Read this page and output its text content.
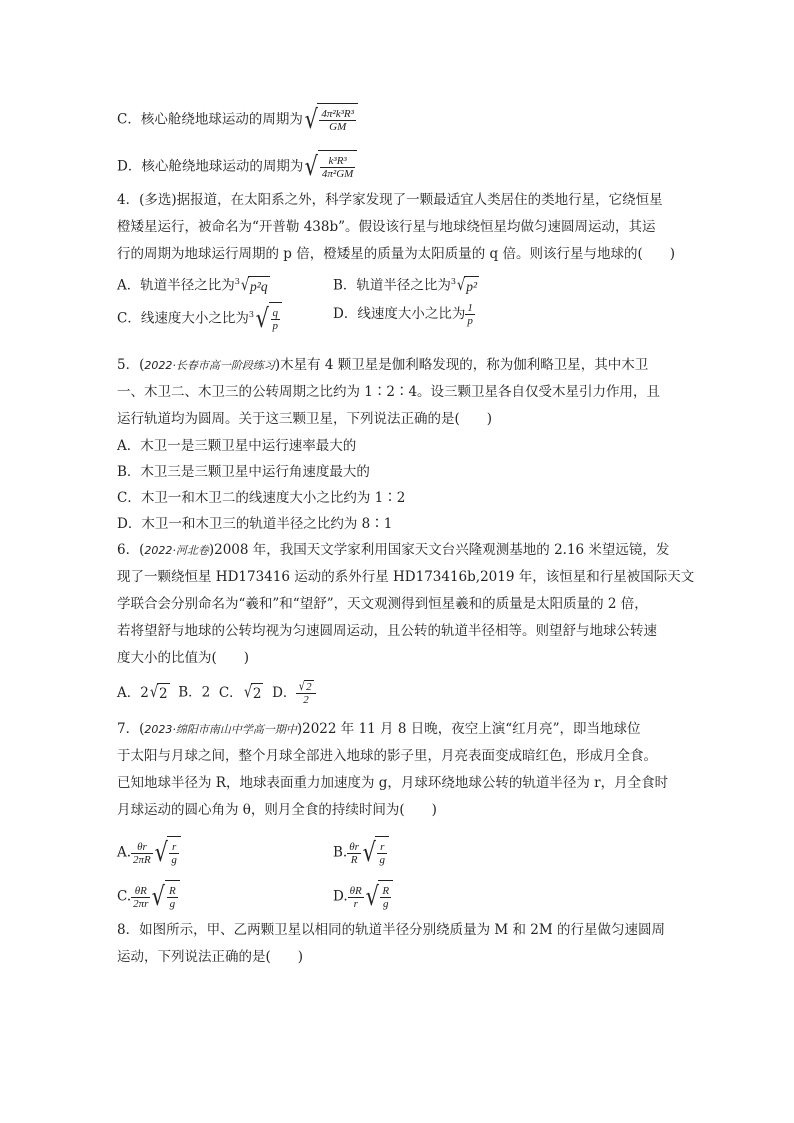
C．核心舱绕地球运动的周期为 √ $\frac{\text{4π²k³R³}}{GM}$
D．核心舱绕地球运动的周期为 √ $\frac{\text{k³R³}}{\text{4π²GM}}$
4．(多选)据报道，在太阳系之外，科学家发现了一颗最适宜人类居住的类地行星，它绕恒星
橙矮星运行，被命名为“开普勒 438b”。假设该行星与地球绕恒星均做匀速圆周运动，其运
行的周期为地球运行周期的 p 倍，橙矮星的质量为太阳质量的 q 倍。则该行星与地球的(　　)
A．轨道半径之比为$^3$ √ p²q	B．轨道半径之比为$^3$ √ p²
C．线速度大小之比为$^3$ √ $\frac{q}{p}$	D．线速度大小之比为 $\frac{1}{p}$
5．(2022·长春市高一阶段练习)木星有 4 颗卫星是伽利略发现的，称为伽利略卫星，其中木卫
一、木卫二、木卫三的公转周期之比约为 1∶2∶4。设三颗卫星各自仅受木星引力作用，且
运行轨道均为圆周。关于这三颗卫星，下列说法正确的是(　　)
A．木卫一是三颗卫星中运行速率最大的
B．木卫三是三颗卫星中运行角速度最大的
C．木卫一和木卫二的线速度大小之比约为 1∶2
D．木卫一和木卫三的轨道半径之比约为 8∶1
6．(2022·河北卷)2008 年，我国天文学家利用国家天文台兴隆观测基地的 2.16 米望远镜，发
现了一颗绕恒星 HD173416 运动的系外行星 HD173416b,2019 年，该恒星和行星被国际天文
学联合会分别命名为“羲和”和“望舒”，天文观测得到恒星羲和的质量是太阳质量的 2 倍，
若将望舒与地球的公转均视为匀速圆周运动，且公转的轨道半径相等。则望舒与地球公转速
度大小的比值为(　　)
A．2 √ 2 B．2 C． √ 2 D． $\frac{√ 2}{2}$
7．(2023·绵阳市南山中学高一期中)2022 年 11 月 8 日晚，夜空上演“红月亮”，即当地球位
于太阳与月球之间，整个月球全部进入地球的影子里，月亮表面变成暗红色，形成月全食。
已知地球半径为 R，地球表面重力加速度为 g，月球环绕地球公转的轨道半径为 r，月全食时
月球运动的圆心角为 θ，则月全食的持续时间为(　　)
A. $\frac{\theta r}{2\pi R}$ √ $\frac{r}{g}$	B. $\frac{\theta r}{R}$ √ $\frac{r}{g}$
C. $\frac{\theta R}{2\pi r}$ √ $\frac{R}{g}$	D. $\frac{\theta R}{r}$ √ $\frac{R}{g}$
8．如图所示，甲、乙两颗卫星以相同的轨道半径分别绕质量为 M 和 2M 的行星做匀速圆周
运动，下列说法正确的是(　　)
